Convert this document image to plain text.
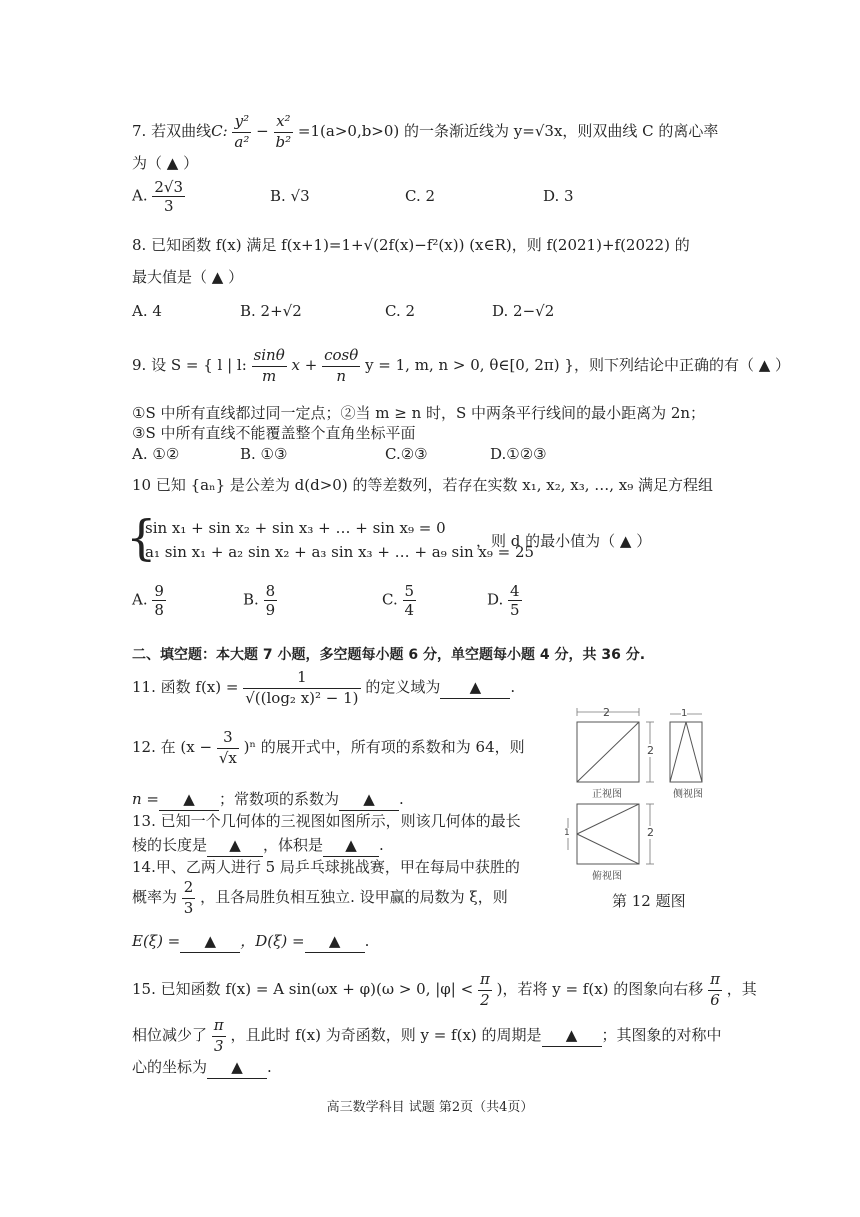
7. 若双曲线C: $\frac{\text{y²}}{\text{a²}} - \frac{\text{x²}}{\text{b²}} =1(a>0,b>0)$ 的一条渐近线为 y=√3x，则双曲线 C 的离心率
为（ ▲ ）
A. $\frac{2√3}{3}$	B. √3	C. 2	D. 3
8. 已知函数 f(x) 满足 f(x+1)=1+√(2f(x)−f²(x)) (x∈R)，则 f(2021)+f(2022) 的
最大值是（ ▲ ）
A. 4	B. 2+√2	C. 2	D. 2−√2
9. 设 S = { l | l: $\frac{\sin\theta}{m}$ $x + \frac{\cos\theta}{n}$ y = 1, m, n > 0, θ∈[0, 2π) }，则下列结论中正确的有（ ▲ ）
①S 中所有直线都过同一定点；②当 m ≥ n 时，S 中两条平行线间的最小距离为 2n；
③S 中所有直线不能覆盖整个直角坐标平面
A. ①②	B. ①③	C.②③	D.①②③
10 已知 {aₙ} 是公差为 d(d>0) 的等差数列，若存在实数 x₁, x₂, x₃, …, x₉ 满足方程组
{
sin x₁ + sin x₂ + sin x₃ + … + sin x₉ = 0
a₁ sin x₁ + a₂ sin x₂ + a₃ sin x₃ + … + a₉ sin x₉ = 25
，则 d 的最小值为（ ▲ ）
A. $\frac{9}{8}$	B. $\frac{8}{9}$	C. $\frac{5}{4}$	D. $\frac{4}{5}$
二、填空题：本大题 7 小题，多空题每小题 6 分，单空题每小题 4 分，共 36 分.
11. 函数 $f(x) = \frac{1}{\text{√((log₂ x)² − 1)}}$ 的定义域为 ▲ .
12. 在 $(x - \frac{3}{√x} )^n$ 的展开式中，所有项的系数和为 64，则
n = ▲ ；常数项的系数为 ▲ .
13. 已知一个几何体的三视图如图所示，则该几何体的最长
棱的长度是 ▲ ，体积是 ▲ .
14.甲、乙两人进行 5 局乒乓球挑战赛，甲在每局中获胜的
概率为 $\frac{2}{3}$ ，且各局胜负相互独立. 设甲赢的局数为 ξ，则
E(ξ) = ▲ ，D(ξ) = ▲ .
15. 已知函数 f(x) = A sin(ωx + φ)(ω > 0, $|\varphi| < \frac{\pi}{2}$ )，若将 y = f(x) 的图象向右移 $\frac{\pi}{6}$ ，其
相位减少了 $\frac{\pi}{3}$ ，且此时 f(x) 为奇函数，则 y = f(x) 的周期是 ▲ ；其图象的对称中
心的坐标为 ▲ .
2
2
1
2
1
正视图	侧视图
俯视图
第 12 题图
高三数学科目 试题 第2页（共4页）
